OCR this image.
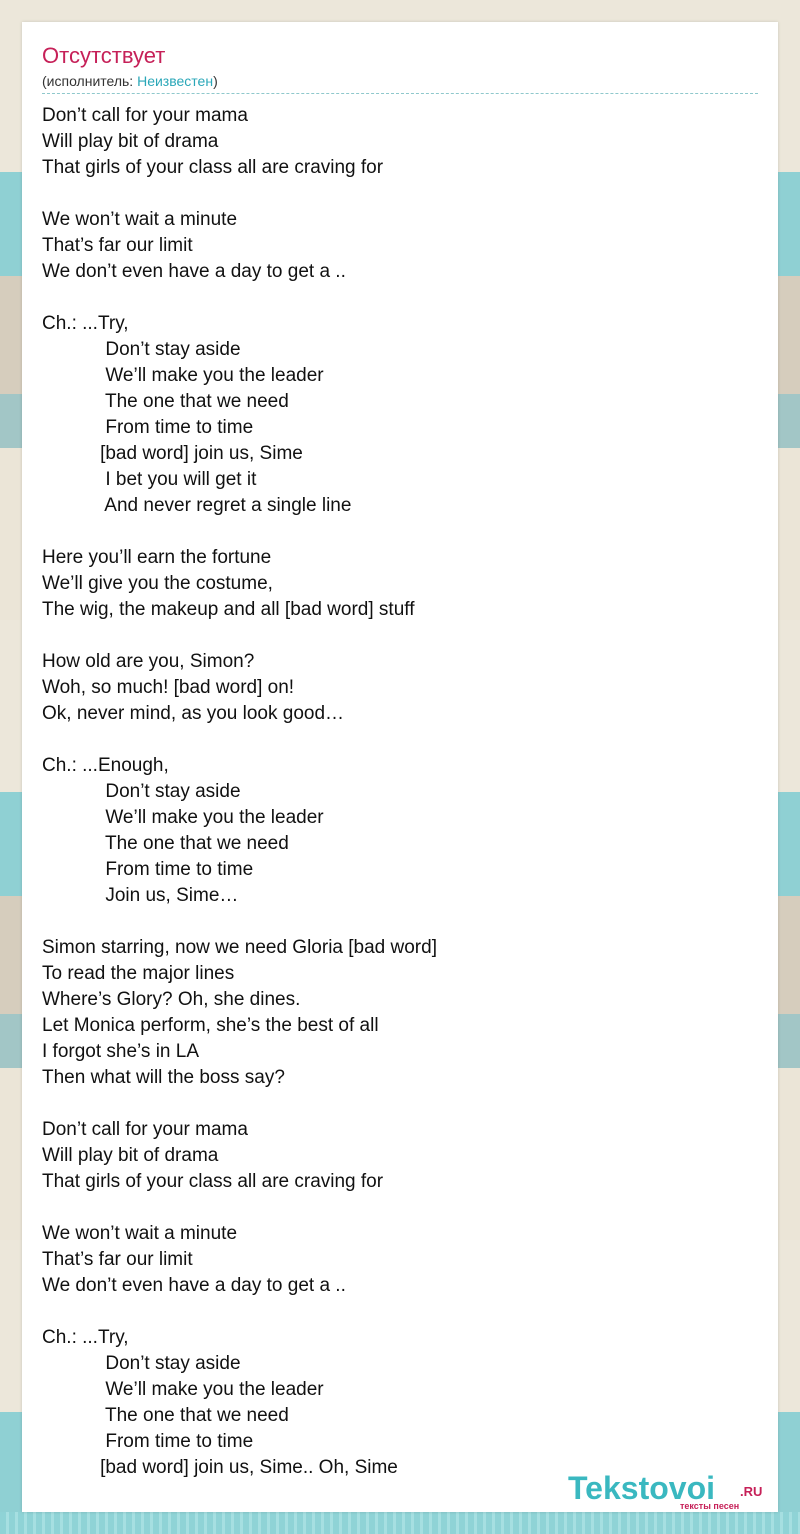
Отсутствует
(исполнитель: Неизвестен)
Don’t call for your mama
Will play bit of drama
That girls of your class all are craving for
We won’t wait a minute
That’s far our limit
We don’t even have a day to get a ..
Ch.: ...Try,
Don’t stay aside
We’ll make you the leader
The one that we need
From time to time
[bad word] join us, Sime
I bet you will get it
And never regret a single line
Here you’ll earn the fortune
We’ll give you the costume,
The wig, the makeup and all [bad word] stuff
How old are you, Simon?
Woh, so much! [bad word] on!
Ok, never mind, as you look good…
Ch.: ...Enough,
Don’t stay aside
We’ll make you the leader
The one that we need
From time to time
Join us, Sime…
Simon starring, now we need Gloria [bad word]
To read the major lines
Where’s Glory? Oh, she dines.
Let Monica perform, she’s the best of all
I forgot she’s in LA
Then what will the boss say?
Don’t call for your mama
Will play bit of drama
That girls of your class all are craving for
We won’t wait a minute
That’s far our limit
We don’t even have a day to get a ..
Ch.: ...Try,
Don’t stay aside
We’ll make you the leader
The one that we need
From time to time
[bad word] join us, Sime.. Oh, Sime
Tekstovoi .RU
тексты песен
